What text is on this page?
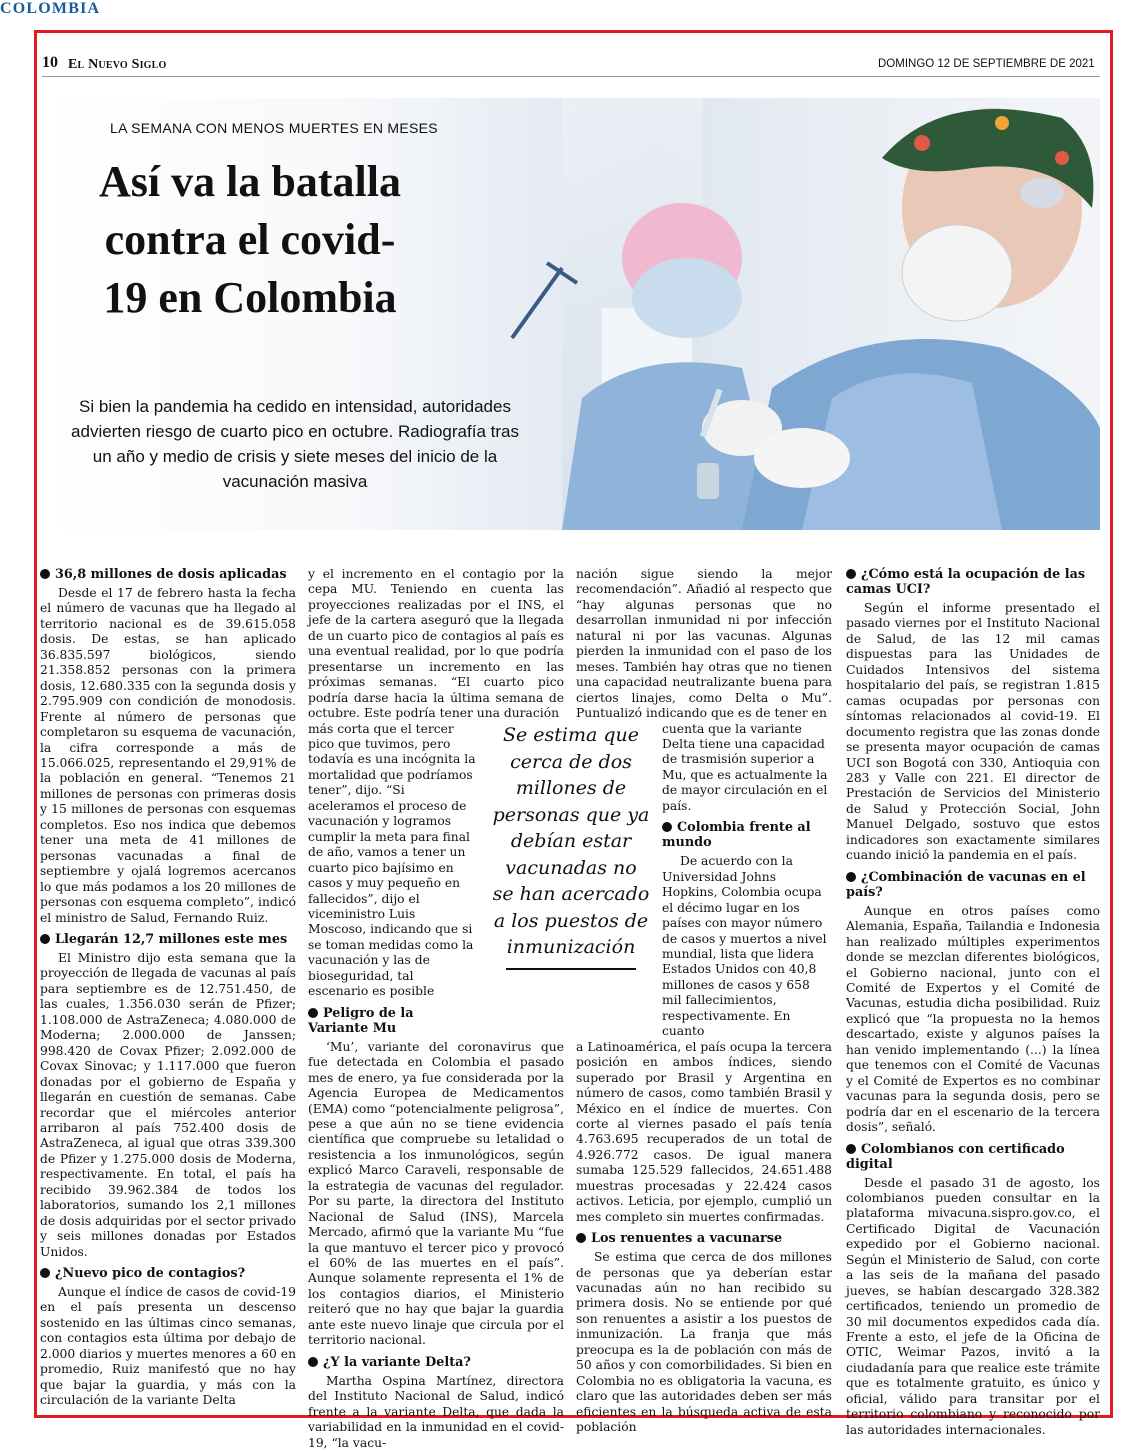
10 El Nuevo Siglo
COLOMBIA
DOMINGO 12 DE SEPTIEMBRE DE 2021
LA SEMANA CON MENOS MUERTES EN MESES
Así va la batalla contra el covid-19 en Colombia
Si bien la pandemia ha cedido en intensidad, autoridades advierten riesgo de cuarto pico en octubre. Radiografía tras un año y medio de crisis y siete meses del inicio de la vacunación masiva
36,8 millones de dosis aplicadas

Desde el 17 de febrero hasta la fecha el número de vacunas que ha llegado al territorio nacional es de 39.615.058 dosis. De estas, se han aplicado 36.835.597 biológicos, siendo 21.358.852 personas con la primera dosis, 12.680.335 con la segunda dosis y 2.795.909 con condición de monodosis. Frente al número de personas que completaron su esquema de vacunación, la cifra corresponde a más de 15.066.025, representando el 29,91% de la población en general. “Tenemos 21 millones de personas con primeras dosis y 15 millones de personas con esquemas completos. Eso nos indica que debemos tener una meta de 41 millones de personas vacunadas a final de septiembre y ojalá logremos acercanos lo que más podamos a los 20 millones de personas con esquema completo”, indicó el ministro de Salud, Fernando Ruiz.

Llegarán 12,7 millones este mes

El Ministro dijo esta semana que la proyección de llegada de vacunas al país para septiembre es de 12.751.450, de las cuales, 1.356.030 serán de Pfizer; 1.108.000 de AstraZeneca; 4.080.000 de Moderna; 2.000.000 de Janssen; 998.420 de Covax Pfizer; 2.092.000 de Covax Sinovac; y 1.117.000 que fueron donadas por el gobierno de España y llegarán en cuestión de semanas. Cabe recordar que el miércoles anterior arribaron al país 752.400 dosis de AstraZeneca, al igual que otras 339.300 de Pfizer y 1.275.000 dosis de Moderna, respectivamente. En total, el país ha recibido 39.962.384 de todos los laboratorios, sumando los 2,1 millones de dosis adquiridas por el sector privado y seis millones donadas por Estados Unidos.

¿Nuevo pico de contagios?

Aunque el índice de casos de covid-19 en el país presenta un descenso sostenido en las últimas cinco semanas, con contagios esta última por debajo de 2.000 diarios y muertes menores a 60 en promedio, Ruiz manifestó que no hay que bajar la guardia, y más con la circulación de la variante Delta

y el incremento en el contagio por la cepa MU. Teniendo en cuenta las proyecciones realizadas por el INS, el jefe de la cartera aseguró que la llegada de un cuarto pico de contagios al país es una eventual realidad, por lo que podría presentarse un incremento en las próximas semanas. “El cuarto pico podría darse hacia la última semana de octubre. Este podría tener una duración

más corta que el tercer pico que tuvimos, pero todavía es una incógnita la mortalidad que podríamos tener”, dijo. “Si aceleramos el proceso de vacunación y logramos cumplir la meta para final de año, vamos a tener un cuarto pico bajísimo en casos y muy pequeño en fallecidos”, dijo el viceministro Luis Moscoso, indicando que si se toman medidas como la vacunación y las de bioseguridad, tal escenario es posible

Peligro de la Variante Mu

‘Mu’, variante del coronavirus que fue detectada en Colombia el pasado mes de enero, ya fue considerada por la Agencia Europea de Medicamentos (EMA) como “potencialmente peligrosa”, pese a que aún no se tiene evidencia científica que compruebe su letalidad o resistencia a los inmunológicos, según explicó Marco Caraveli, responsable de la estrategia de vacunas del regulador. Por su parte, la directora del Instituto Nacional de Salud (INS), Marcela Mercado, afirmó que la variante Mu “fue la que mantuvo el tercer pico y provocó el 60% de las muertes en el país”. Aunque solamente representa el 1% de los contagios diarios, el Ministerio reiteró que no hay que bajar la guardia ante este nuevo linaje que circula por el territorio nacional.

¿Y la variante Delta?

Martha Ospina Martínez, directora del Instituto Nacional de Salud, indicó frente a la variante Delta, que dada la variabilidad en la inmunidad en el covid-19, “la vacu-

nación sigue siendo la mejor recomendación”. Añadió al respecto que “hay algunas personas que no desarrollan inmunidad ni por infección natural ni por las vacunas. Algunas pierden la inmunidad con el paso de los meses. También hay otras que no tienen una capacidad neutralizante buena para ciertos linajes, como Delta o Mu”. Puntualizó indicando que es de tener en

cuenta que la variante Delta tiene una capacidad de trasmisión superior a Mu, que es actualmente la de mayor circulación en el país.

Colombia frente al mundo

De acuerdo con la Universidad Johns Hopkins, Colombia ocupa el décimo lugar en los países con mayor número de casos y muertos a nivel mundial, lista que lidera Estados Unidos con 40,8 millones de casos y 658 mil fallecimientos, respectivamente. En cuanto

a Latinoamérica, el país ocupa la tercera posición en ambos índices, siendo superado por Brasil y Argentina en número de casos, como también Brasil y México en el índice de muertes. Con corte al viernes pasado el país tenía 4.763.695 recuperados de un total de 4.926.772 casos. De igual manera sumaba 125.529 fallecidos, 24.651.488 muestras procesadas y 22.424 casos activos. Leticia, por ejemplo, cumplió un mes completo sin muertes confirmadas.

Los renuentes a vacunarse

Se estima que cerca de dos millones de personas que ya deberían estar vacunadas aún no han recibido su primera dosis. No se entiende por qué son renuentes a asistir a los puestos de inmunización. La franja que más preocupa es la de población con más de 50 años y con comorbilidades. Si bien en Colombia no es obligatoria la vacuna, es claro que las autoridades deben ser más eficientes en la búsqueda activa de esta población

Se estima que cerca de dos millones de personas que ya debían estar vacunadas no se han acercado a los puestos de inmunización
¿Cómo está la ocupación de las camas UCI?

Según el informe presentado el pasado viernes por el Instituto Nacional de Salud, de las 12 mil camas dispuestas para las Unidades de Cuidados Intensivos del sistema hospitalario del país, se registran 1.815 camas ocupadas por personas con síntomas relacionados al covid-19. El documento registra que las zonas donde se presenta mayor ocupación de camas UCI son Bogotá con 330, Antioquia con 283 y Valle con 221. El director de Prestación de Servicios del Ministerio de Salud y Protección Social, John Manuel Delgado, sostuvo que estos indicadores son exactamente similares cuando inició la pandemia en el país.

¿Combinación de vacunas en el país?

Aunque en otros países como Alemania, España, Tailandia e Indonesia han realizado múltiples experimentos donde se mezclan diferentes biológicos, el Gobierno nacional, junto con el Comité de Expertos y el Comité de Vacunas, estudia dicha posibilidad. Ruiz explicó que “la propuesta no la hemos descartado, existe y algunos países la han venido implementando (...) la línea que tenemos con el Comité de Vacunas y el Comité de Expertos es no combinar vacunas para la segunda dosis, pero se podría dar en el escenario de la tercera dosis”, señaló.

Colombianos con certificado digital

Desde el pasado 31 de agosto, los colombianos pueden consultar en la plataforma mivacuna.sispro.gov.co, el Certificado Digital de Vacunación expedido por el Gobierno nacional. Según el Ministerio de Salud, con corte a las seis de la mañana del pasado jueves, se habían descargado 328.382 certificados, teniendo un promedio de 30 mil documentos expedidos cada día. Frente a esto, el jefe de la Oficina de OTIC, Weimar Pazos, invitó a la ciudadanía para que realice este trámite que es totalmente gratuito, es único y oficial, válido para transitar por el territorio colombiano y reconocido por las autoridades internacionales.
